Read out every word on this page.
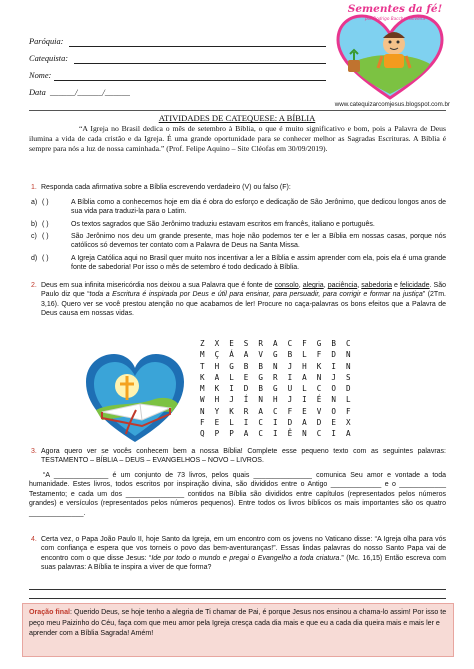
Paróquia:
Catequista:
Nome:
Data
______/______/______
Sementes da fé!
por Rodrigo Bacchat Oliveira
www.catequizarcomjesus.blogspot.com.br
ATIVIDADES DE CATEQUESE: A BÍBLIA
“A Igreja no Brasil dedica o mês de setembro à Bíblia, o que é muito significativo e bom, pois a Palavra de Deus ilumina a vida de cada cristão e da Igreja. É uma grande oportunidade para se conhecer melhor as Sagradas Escrituras. A Bíblia é sempre para nós a luz de nossa caminhada.” (Prof. Felipe Aquino – Site Cléofas em 30/09/2019).
1. Responda cada afirmativa sobre a Bíblia escrevendo verdadeiro (V) ou falso (F):
a) ( )	A Bíblia como a conhecemos hoje em dia é obra do esforço e dedicação de São Jerônimo, que dedicou longos anos de sua vida para traduzi-la para o Latim.
b) ( )	Os textos sagrados que São Jerônimo traduziu estavam escritos em francês, italiano e português.
c) ( )	São Jerônimo nos deu um grande presente, mas hoje não podemos ter e ler a Bíblia em nossas casas, porque nós católicos só devemos ter contato com a Palavra de Deus na Santa Missa.
d) ( )	A Igreja Católica aqui no Brasil quer muito nos incentivar a ler a Bíblia e assim aprender com ela, pois ela é uma grande fonte de sabedoria! Por isso o mês de setembro é todo dedicado à Bíblia.
2. Deus em sua infinita misericórdia nos deixou a sua Palavra que é fonte de consolo, alegria, paciência, sabedoria e felicidade. São Paulo diz que “toda a Escritura é inspirada por Deus e útil para ensinar, para persuadir, para corrigir e formar na justiça” (2Tm. 3,16). Quero ver se você prestou atenção no que acabamos de ler! Procure no caça-palavras os bons efeitos que a Palavra de Deus causa em nossas vidas.
Z	X	E	S	R	A	C	F	G	B	C
M	Ç	Á	A	V	G	B	L	F	D	N
T	H	G	B	B	N	J	H	K	I	N
K	A	L	E	G	R	I	A	N	J	S
M	K	I	D	B	G	U	L	C	O	D
W	H	J	Í	N	H	J	I	É	N	L
N	Y	K	R	A	C	F	E	V	O	F
F	E	L	I	C	I	D	A	D	E	X
Q	P	P	A	C	I	Ê	N	C	I	A
3. Agora quero ver se vocês conhecem bem a nossa Bíblia! Complete esse pequeno texto com as seguintes palavras: TESTAMENTO – BÍBLIA – DEUS – EVANGELHOS – NOVO – LIVROS.
“A ______________ é um conjunto de 73 livros, pelos quais _______________ comunica Seu amor e vontade a toda humanidade. Estes livros, todos escritos por inspiração divina, são divididos entre o Antigo _____________ e o ____________ Testamento; e cada um dos _______________ contidos na Bíblia são divididos entre capítulos (representados pelos números grandes) e versículos (representados pelos números pequenos). Entre todos os livros bíblicos os mais importantes são os quatro ______________.
4. Certa vez, o Papa João Paulo II, hoje Santo da Igreja, em um encontro com os jovens no Vaticano disse: “A Igreja olha para vós com confiança e espera que vos torneis o povo das bem-aventuranças!”. Essas lindas palavras do nosso Santo Papa vai de encontro com o que disse Jesus: “Ide por todo o mundo e pregai o Evangelho a toda criatura.” (Mc. 16,15) Então escreva com suas palavras: A Bíblia te inspira a viver de que forma?
Oração final: Querido Deus, se hoje tenho a alegria de Ti chamar de Pai, é porque Jesus nos ensinou a chama-lo assim! Por isso te peço meu Paizinho do Céu, faça com que meu amor pela Igreja cresça cada dia mais e que eu a cada dia queira mais e mais ler e aprender com a Bíblia Sagrada! Amém!
